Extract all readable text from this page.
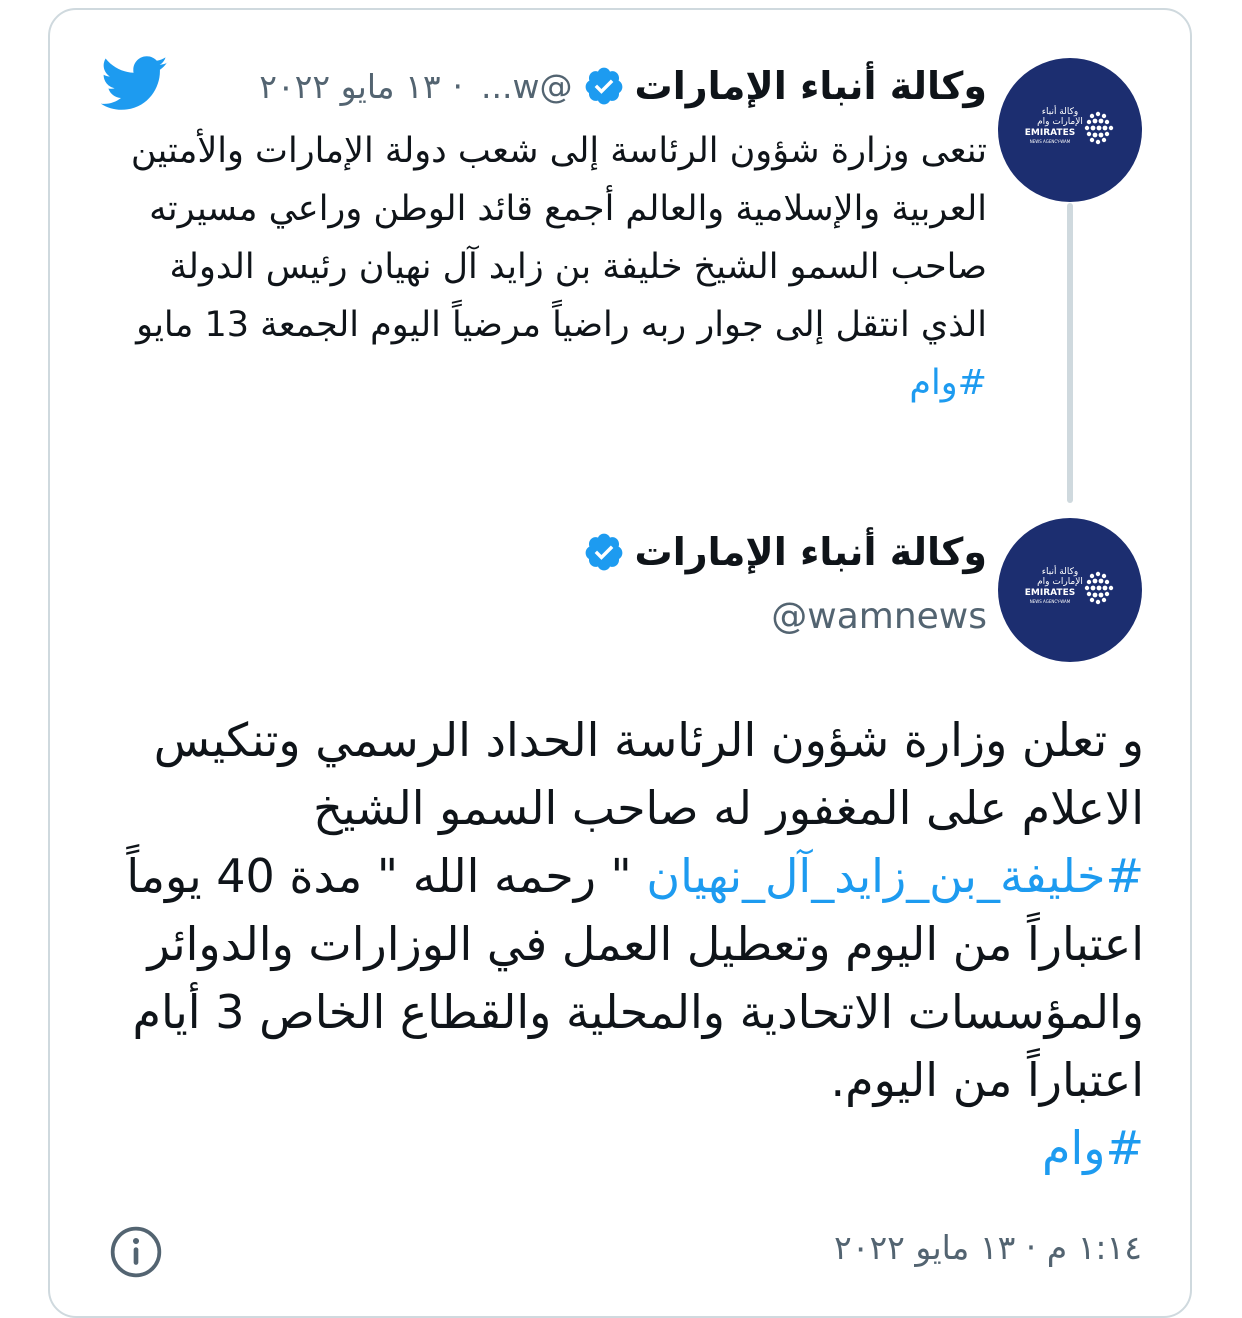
وكالة أنباء
الإمارات وام
EMIRATES
NEWS AGENCY-WAM
وكالة أنباء الإمارات
@w...·١٣ مايو ٢٠٢٢
تنعى وزارة شؤون الرئاسة إلى شعب دولة الإمارات والأمتين العربية والإسلامية والعالم أجمع قائد الوطن وراعي مسيرته صاحب السمو الشيخ خليفة بن زايد آل نهيان رئيس الدولة الذي انتقل إلى جوار ربه راضياً مرضياً اليوم الجمعة 13 مايو
#وام
وكالة أنباء
الإمارات وام
EMIRATES
NEWS AGENCY-WAM
وكالة أنباء الإمارات
@wamnews
و تعلن وزارة شؤون الرئاسة الحداد الرسمي وتنكيس الاعلام على المغفور له صاحب السمو الشيخ #خليفة_بن_زايد_آل_نهيان " رحمه الله " مدة 40 يوماً اعتباراً من اليوم وتعطيل العمل في الوزارات والدوائر والمؤسسات الاتحادية والمحلية والقطاع الخاص 3 أيام اعتباراً من اليوم.
#وام
١:١٤ م · ١٣ مايو ٢٠٢٢
